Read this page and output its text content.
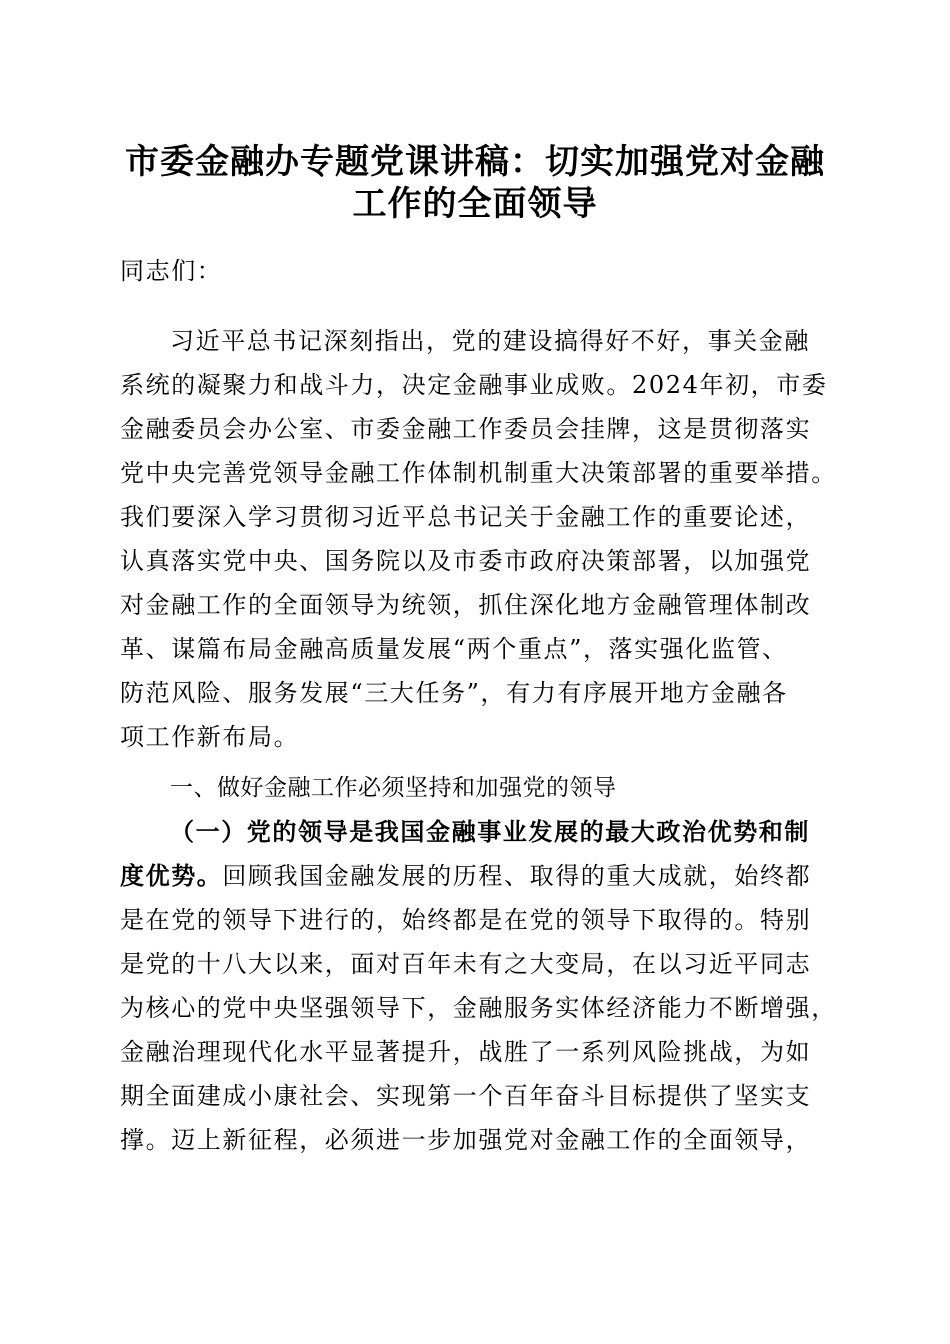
市委金融办专题党课讲稿：切实加强党对金融
工作的全面领导
同志们：
习近平总书记深刻指出，党的建设搞得好不好，事关金融
系统的凝聚力和战斗力，决定金融事业成败。2024年初，市委
金融委员会办公室、市委金融工作委员会挂牌，这是贯彻落实
党中央完善党领导金融工作体制机制重大决策部署的重要举措。
我们要深入学习贯彻习近平总书记关于金融工作的重要论述，
认真落实党中央、国务院以及市委市政府决策部署，以加强党
对金融工作的全面领导为统领，抓住深化地方金融管理体制改
革、谋篇布局金融高质量发展“两个重点”，落实强化监管、
防范风险、服务发展“三大任务”，有力有序展开地方金融各
项工作新布局。
一、做好金融工作必须坚持和加强党的领导
（一）党的领导是我国金融事业发展的最大政治优势和制
度优势。回顾我国金融发展的历程、取得的重大成就，始终都
是在党的领导下进行的，始终都是在党的领导下取得的。特别
是党的十八大以来，面对百年未有之大变局，在以习近平同志
为核心的党中央坚强领导下，金融服务实体经济能力不断增强，
金融治理现代化水平显著提升，战胜了一系列风险挑战，为如
期全面建成小康社会、实现第一个百年奋斗目标提供了坚实支
撑。迈上新征程，必须进一步加强党对金融工作的全面领导，
